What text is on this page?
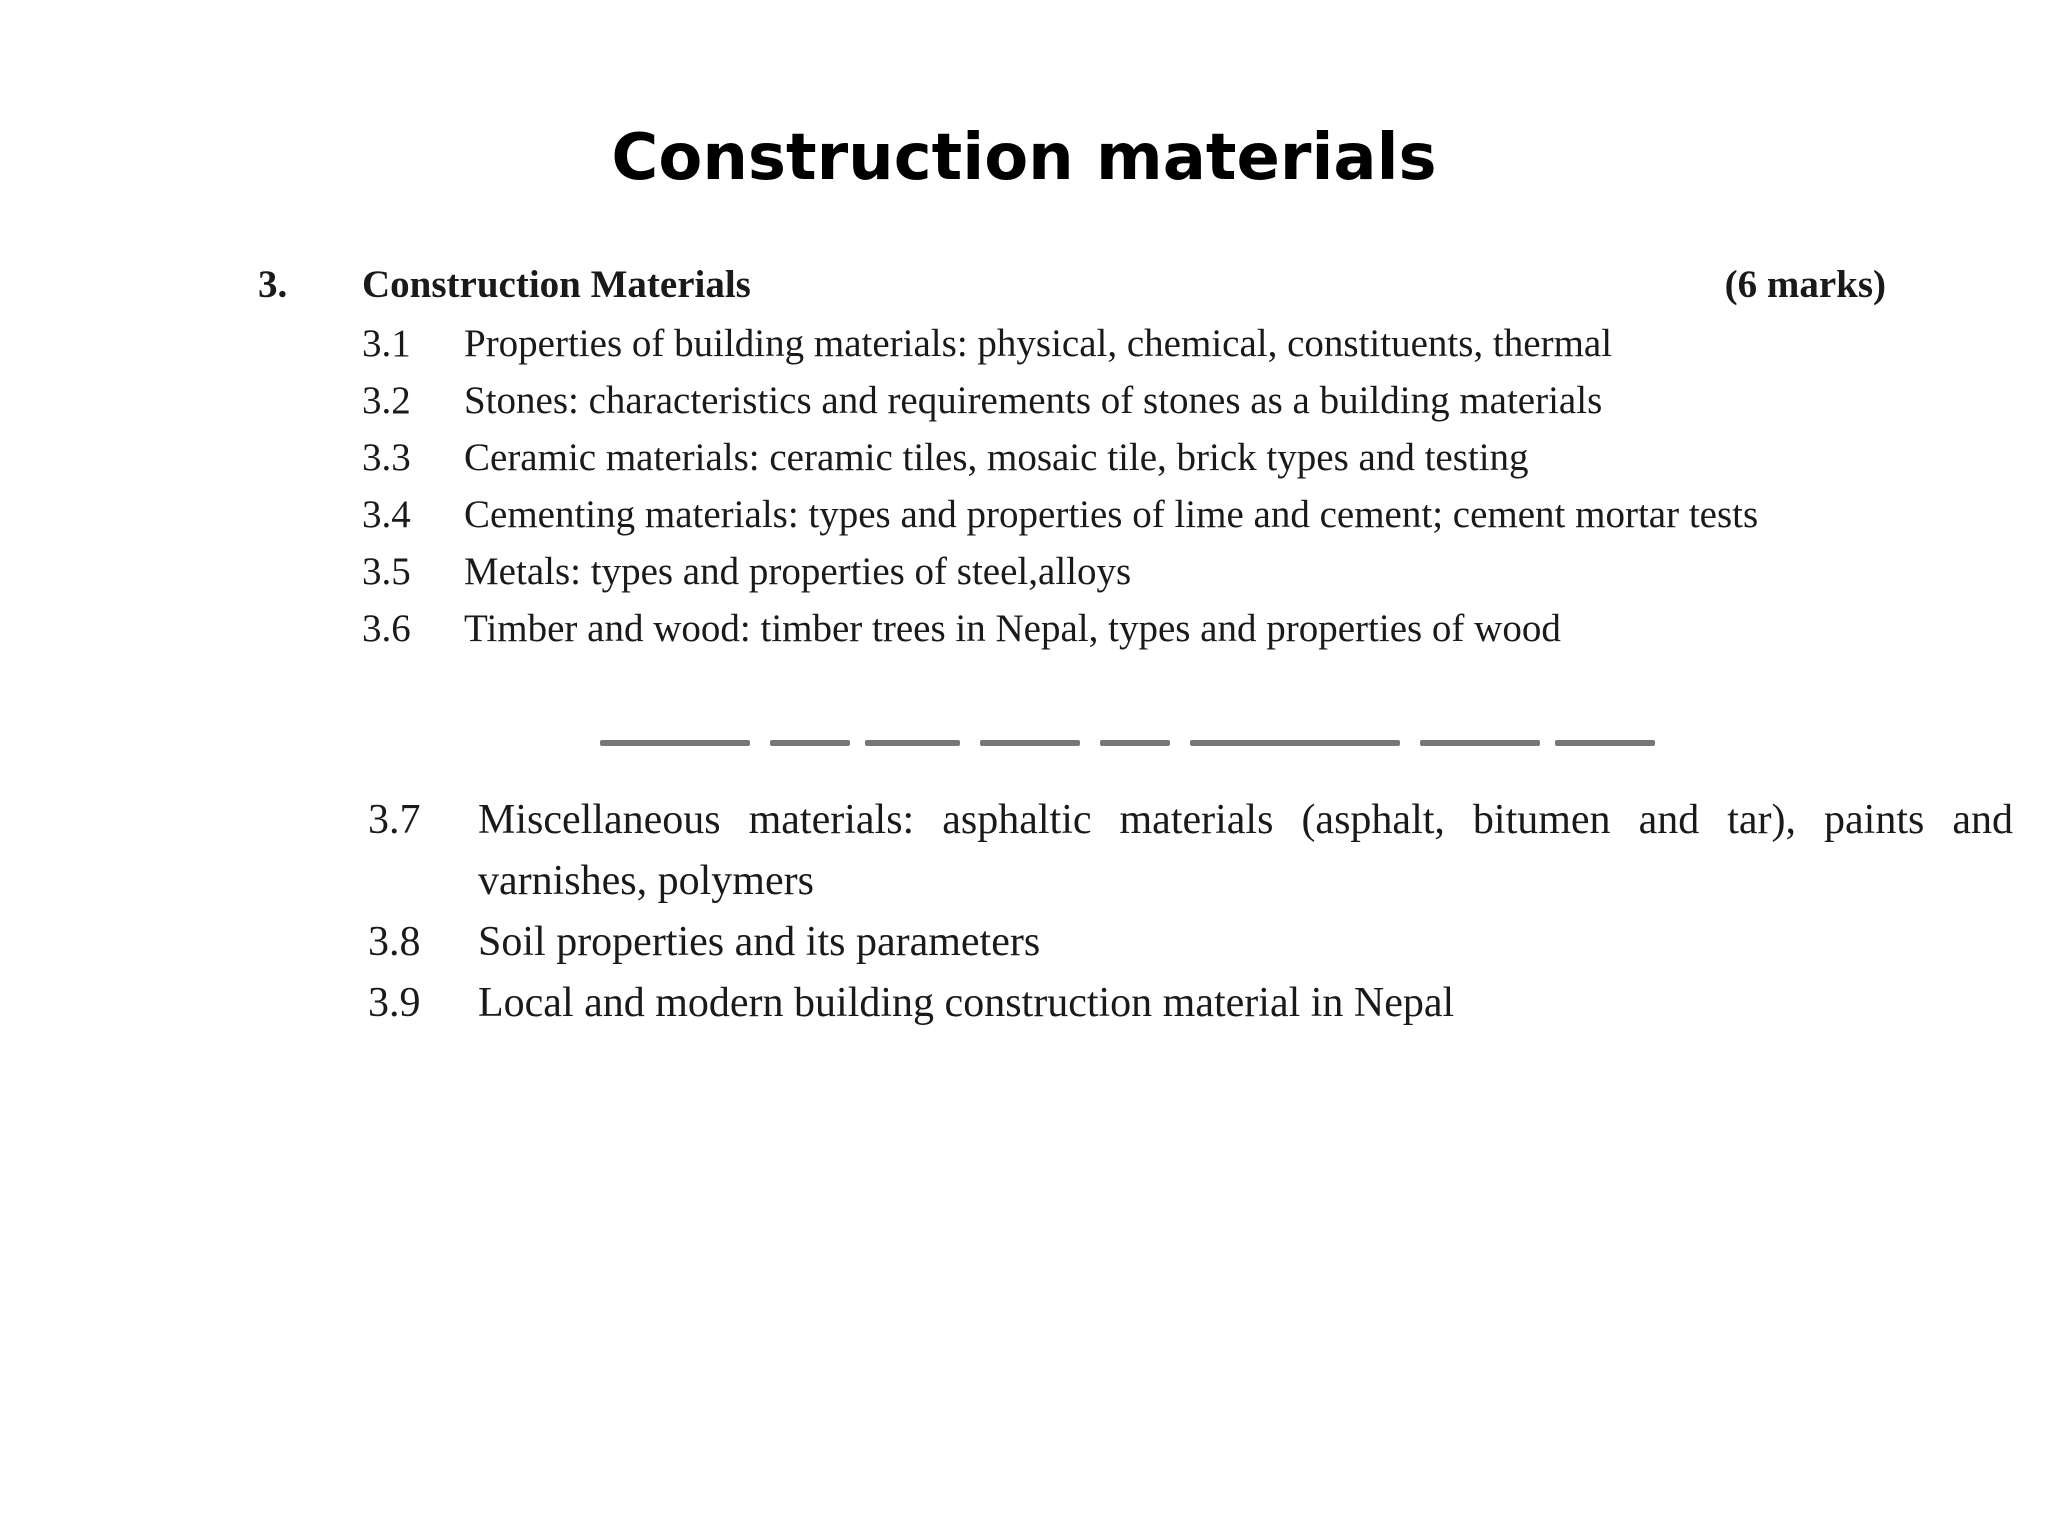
Construction materials
3. Construction Materials	(6 marks)
3.1 Properties of building materials: physical, chemical, constituents, thermal
3.2 Stones: characteristics and requirements of stones as a building materials
3.3 Ceramic materials: ceramic tiles, mosaic tile, brick types and testing
3.4 Cementing materials: types and properties of lime and cement; cement mortar tests
3.5 Metals: types and properties of steel,alloys
3.6 Timber and wood: timber trees in Nepal, types and properties of wood
3.7 Miscellaneous materials: asphaltic materials (asphalt, bitumen and tar), paints and varnishes, polymers
3.8 Soil properties and its parameters
3.9 Local and modern building construction material in Nepal
